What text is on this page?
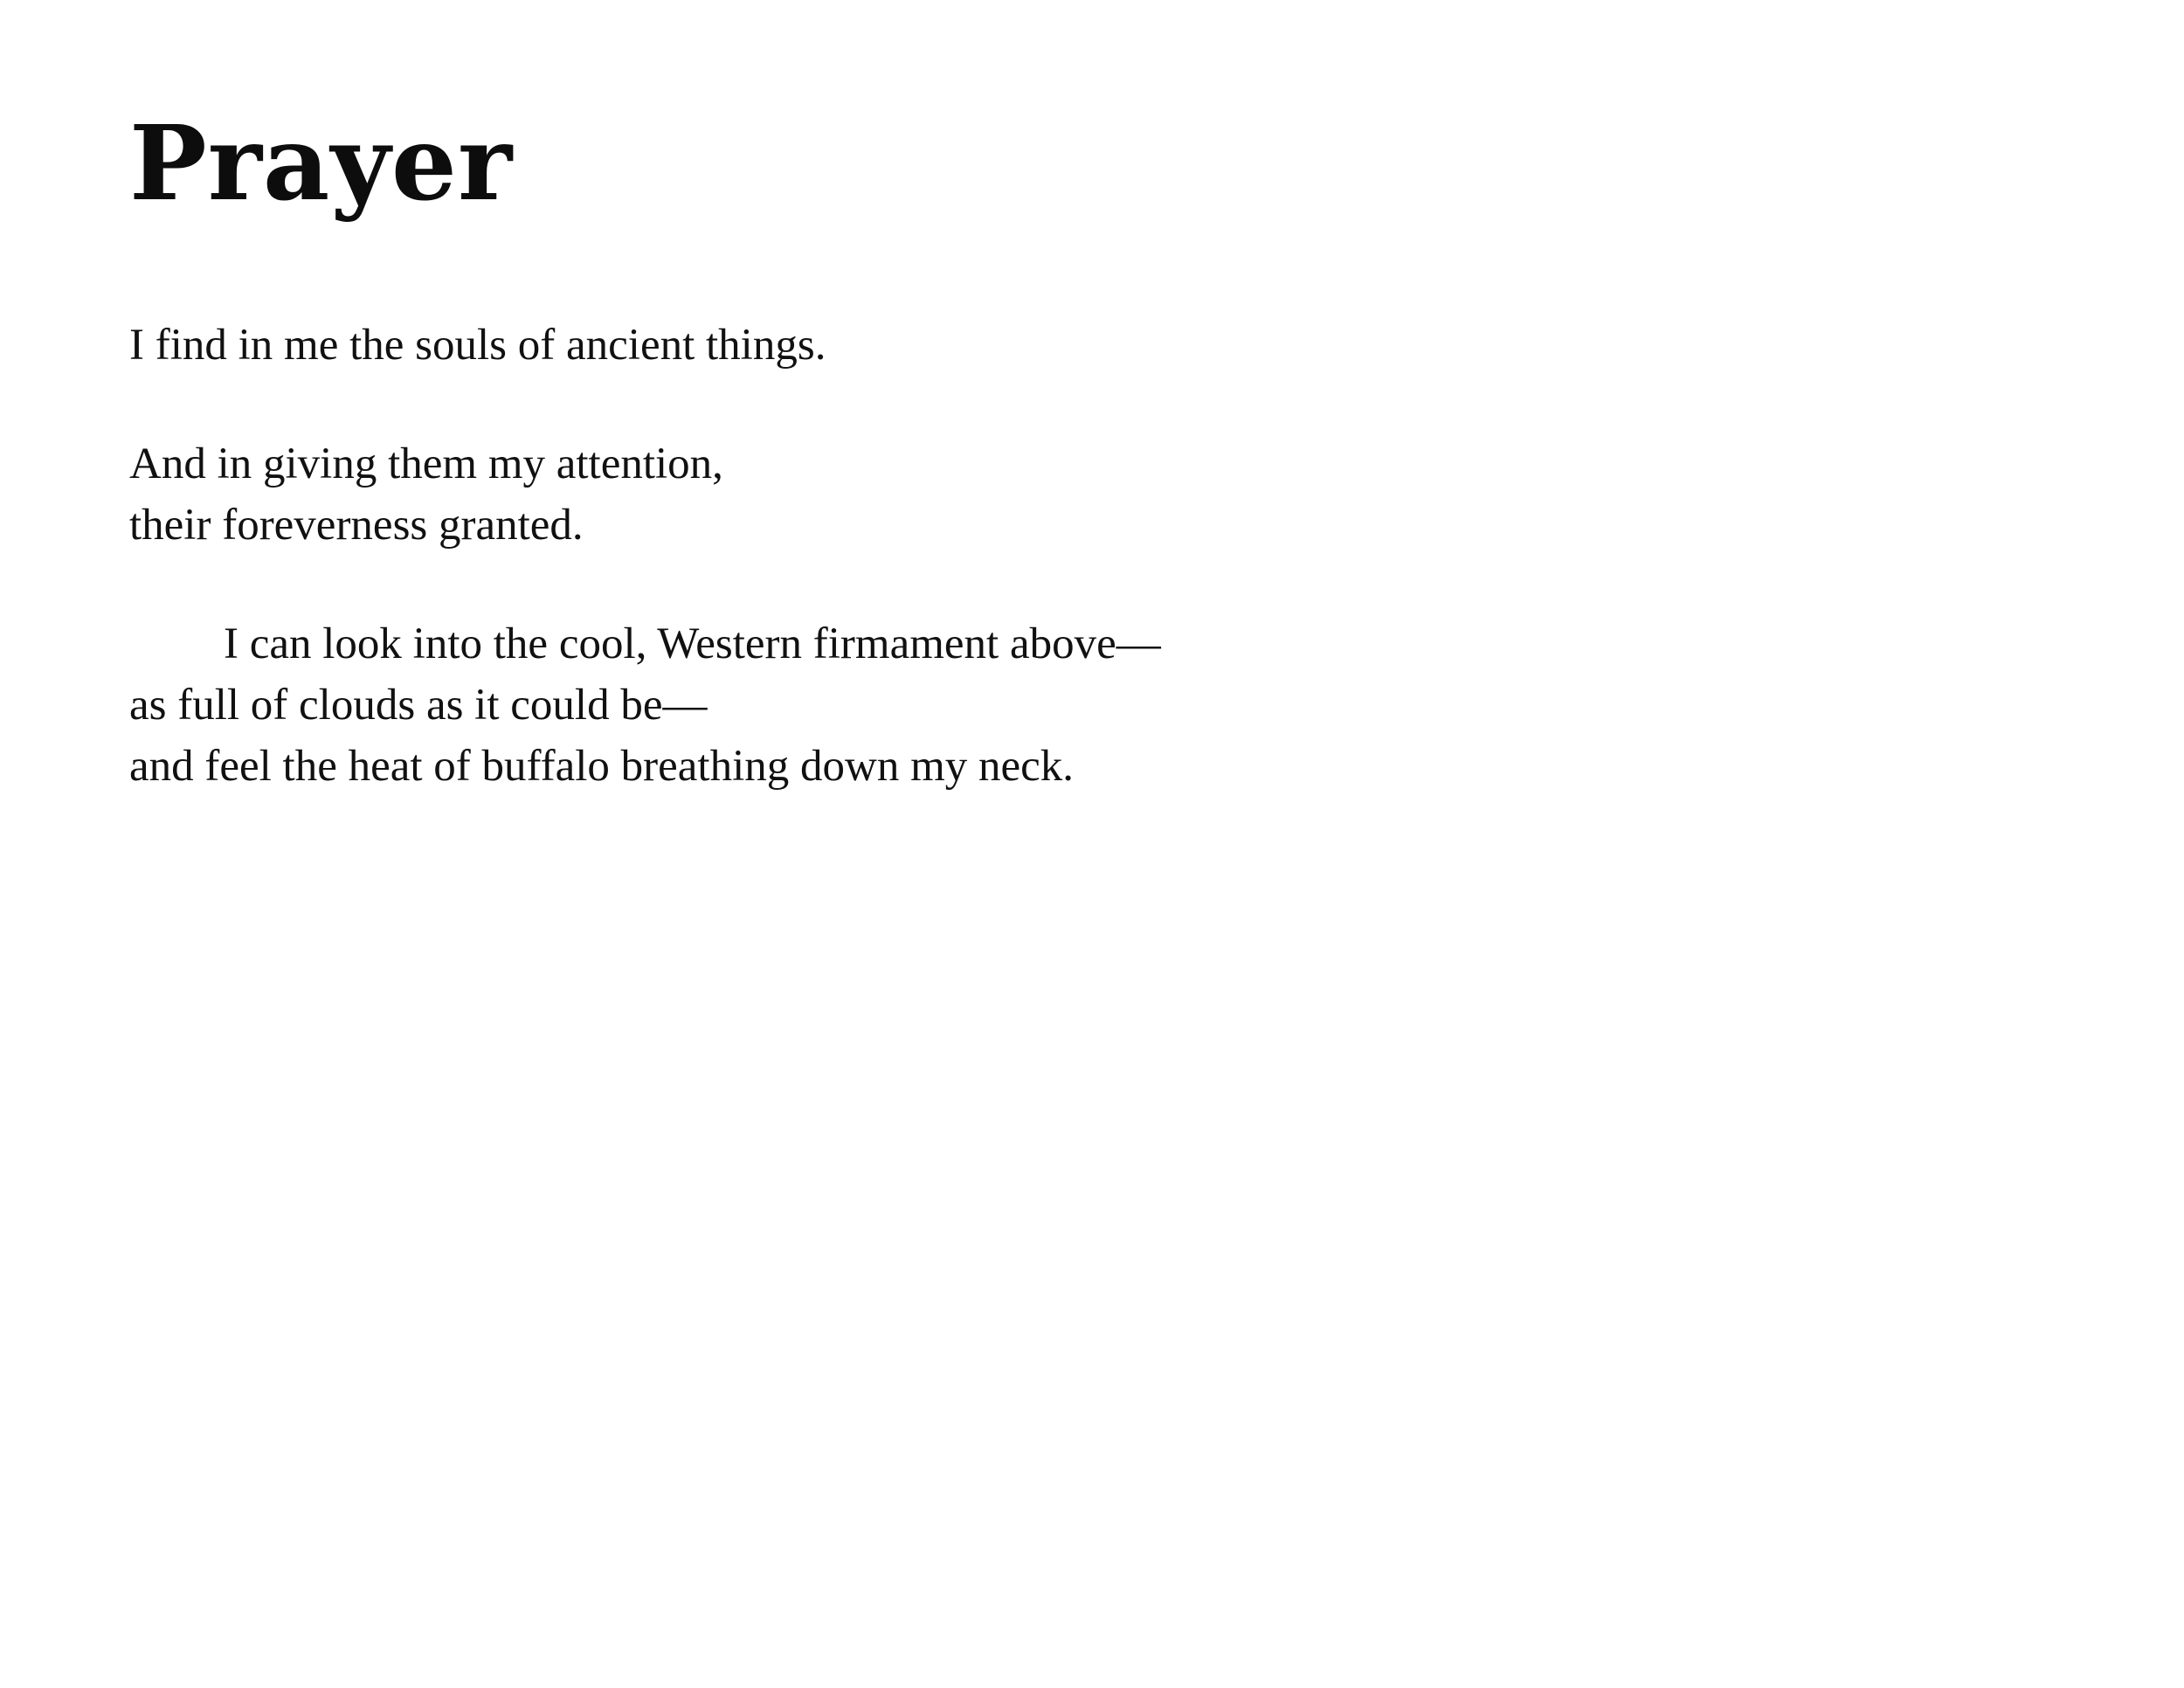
Prayer

I find in me the souls of ancient things.

And in giving them my attention,
their foreverness granted.

I can look into the cool, Western firmament above—
as full of clouds as it could be—
and feel the heat of buffalo breathing down my neck.
